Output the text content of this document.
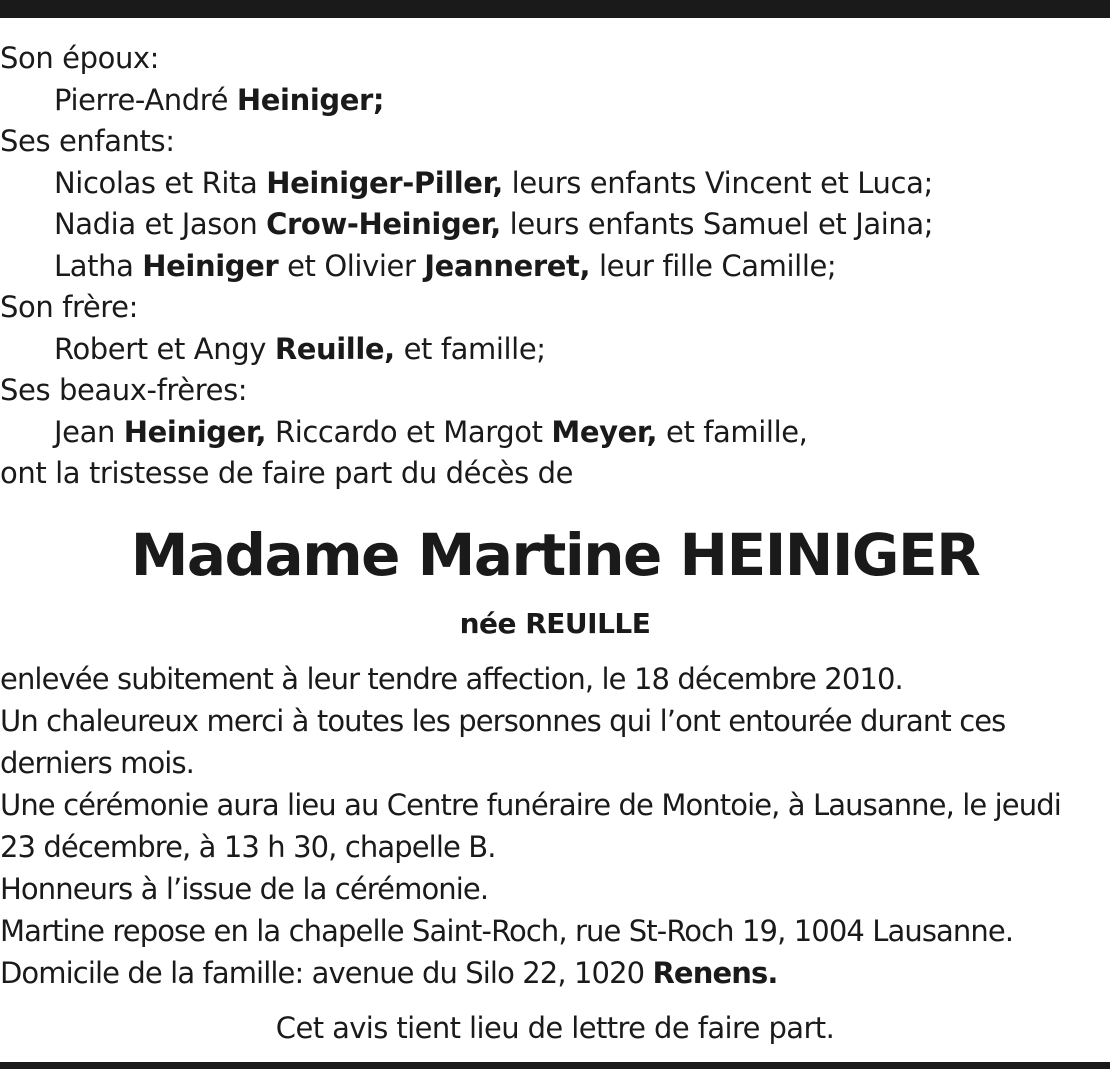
Son époux:
Pierre-André Heiniger;
Ses enfants:
Nicolas et Rita Heiniger-Piller, leurs enfants Vincent et Luca;
Nadia et Jason Crow-Heiniger, leurs enfants Samuel et Jaina;
Latha Heiniger et Olivier Jeanneret, leur fille Camille;
Son frère:
Robert et Angy Reuille, et famille;
Ses beaux-frères:
Jean Heiniger, Riccardo et Margot Meyer, et famille,
ont la tristesse de faire part du décès de
Madame Martine HEINIGER
née REUILLE
enlevée subitement à leur tendre affection, le 18 décembre 2010.
Un chaleureux merci à toutes les personnes qui l’ont entourée durant ces
derniers mois.
Une cérémonie aura lieu au Centre funéraire de Montoie, à Lausanne, le jeudi
23 décembre, à 13 h 30, chapelle B.
Honneurs à l’issue de la cérémonie.
Martine repose en la chapelle Saint-Roch, rue St-Roch 19, 1004 Lausanne.
Domicile de la famille: avenue du Silo 22, 1020 Renens.
Cet avis tient lieu de lettre de faire part.
